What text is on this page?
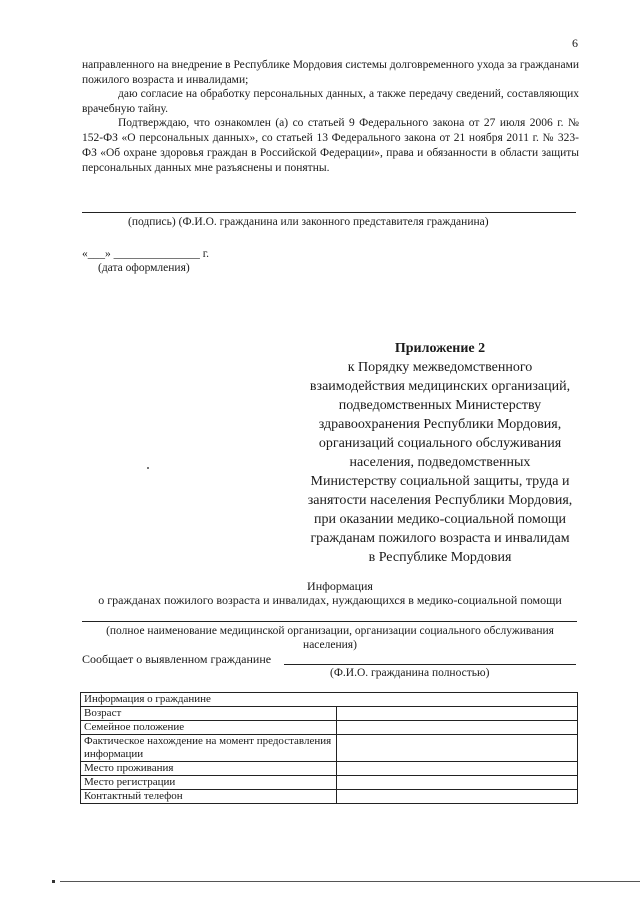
6
направленного на внедрение в Республике Мордовия системы долговременного ухода за гражданами пожилого возраста и инвалидами;
даю согласие на обработку персональных данных, а также передачу сведений, составляющих врачебную тайну.
Подтверждаю, что ознакомлен (а) со статьей 9 Федерального закона от 27 июля 2006 г. № 152-ФЗ «О персональных данных», со статьей 13 Федерального закона от 21 ноября 2011 г. № 323-ФЗ «Об охране здоровья граждан в Российской Федерации», права и обязанности в области защиты персональных данных мне разъяснены и понятны.
(подпись) (Ф.И.О. гражданина или законного представителя гражданина)
«___» _______________ г.
(дата оформления)
Приложение 2
к Порядку межведомственного
взаимодействия медицинских организаций,
подведомственных Министерству
здравоохранения Республики Мордовия,
организаций социального обслуживания
населения, подведомственных
Министерству социальной защиты, труда и
занятости населения Республики Мордовия,
при оказании медико-социальной помощи
гражданам пожилого возраста и инвалидам
в Республике Мордовия
Информация
о гражданах пожилого возраста и инвалидах, нуждающихся в медико-социальной помощи
(полное наименование медицинской организации, организации социального обслуживания населения)
Сообщает о выявленном гражданине
(Ф.И.О. гражданина полностью)
Информация о гражданине	
Возраст	
Семейное положение	
Фактическое нахождение на момент предоставления информации	
Место проживания	
Место регистрации	
Контактный телефон	
